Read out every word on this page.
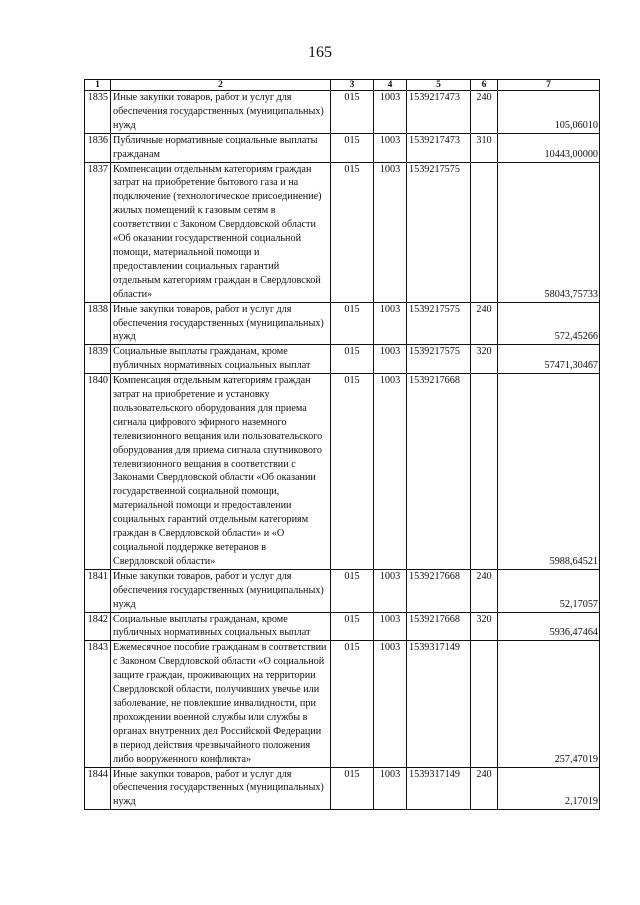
165
1	2	3	4	5	6	7
1835	Иные закупки товаров, работ и услуг для обеспечения государственных (муниципальных) нужд	015	1003	1539217473	240	105,06010
1836	Публичные нормативные социальные выплаты гражданам	015	1003	1539217473	310	10443,00000
1837	Компенсации отдельным категориям граждан затрат на приобретение бытового газа и на подключение (технологическое присоединение) жилых помещений к газовым сетям в соответствии с Законом Свердловской области «Об оказании государственной социальной помощи, материальной помощи и предоставлении социальных гарантий отдельным категориям граждан в Свердловской области»	015	1003	1539217575		58043,75733
1838	Иные закупки товаров, работ и услуг для обеспечения государственных (муниципальных) нужд	015	1003	1539217575	240	572,45266
1839	Социальные выплаты гражданам, кроме публичных нормативных социальных выплат	015	1003	1539217575	320	57471,30467
1840	Компенсация отдельным категориям граждан затрат на приобретение и установку пользовательского оборудования для приема сигнала цифрового эфирного наземного телевизионного вещания или пользовательского оборудования для приема сигнала спутникового телевизионного вещания в соответствии с Законами Свердловской области «Об оказании государственной социальной помощи, материальной помощи и предоставлении социальных гарантий отдельным категориям граждан в Свердловской области» и «О социальной поддержке ветеранов в Свердловской области»	015	1003	1539217668		5988,64521
1841	Иные закупки товаров, работ и услуг для обеспечения государственных (муниципальных) нужд	015	1003	1539217668	240	52,17057
1842	Социальные выплаты гражданам, кроме публичных нормативных социальных выплат	015	1003	1539217668	320	5936,47464
1843	Ежемесячное пособие гражданам в соответствии с Законом Свердловской области «О социальной защите граждан, проживающих на территории Свердловской области, получивших увечье или заболевание, не повлекшие инвалидности, при прохождении военной службы или службы в органах внутренних дел Российской Федерации в период действия чрезвычайного положения либо вооруженного конфликта»	015	1003	1539317149		257,47019
1844	Иные закупки товаров, работ и услуг для обеспечения государственных (муниципальных) нужд	015	1003	1539317149	240	2,17019
